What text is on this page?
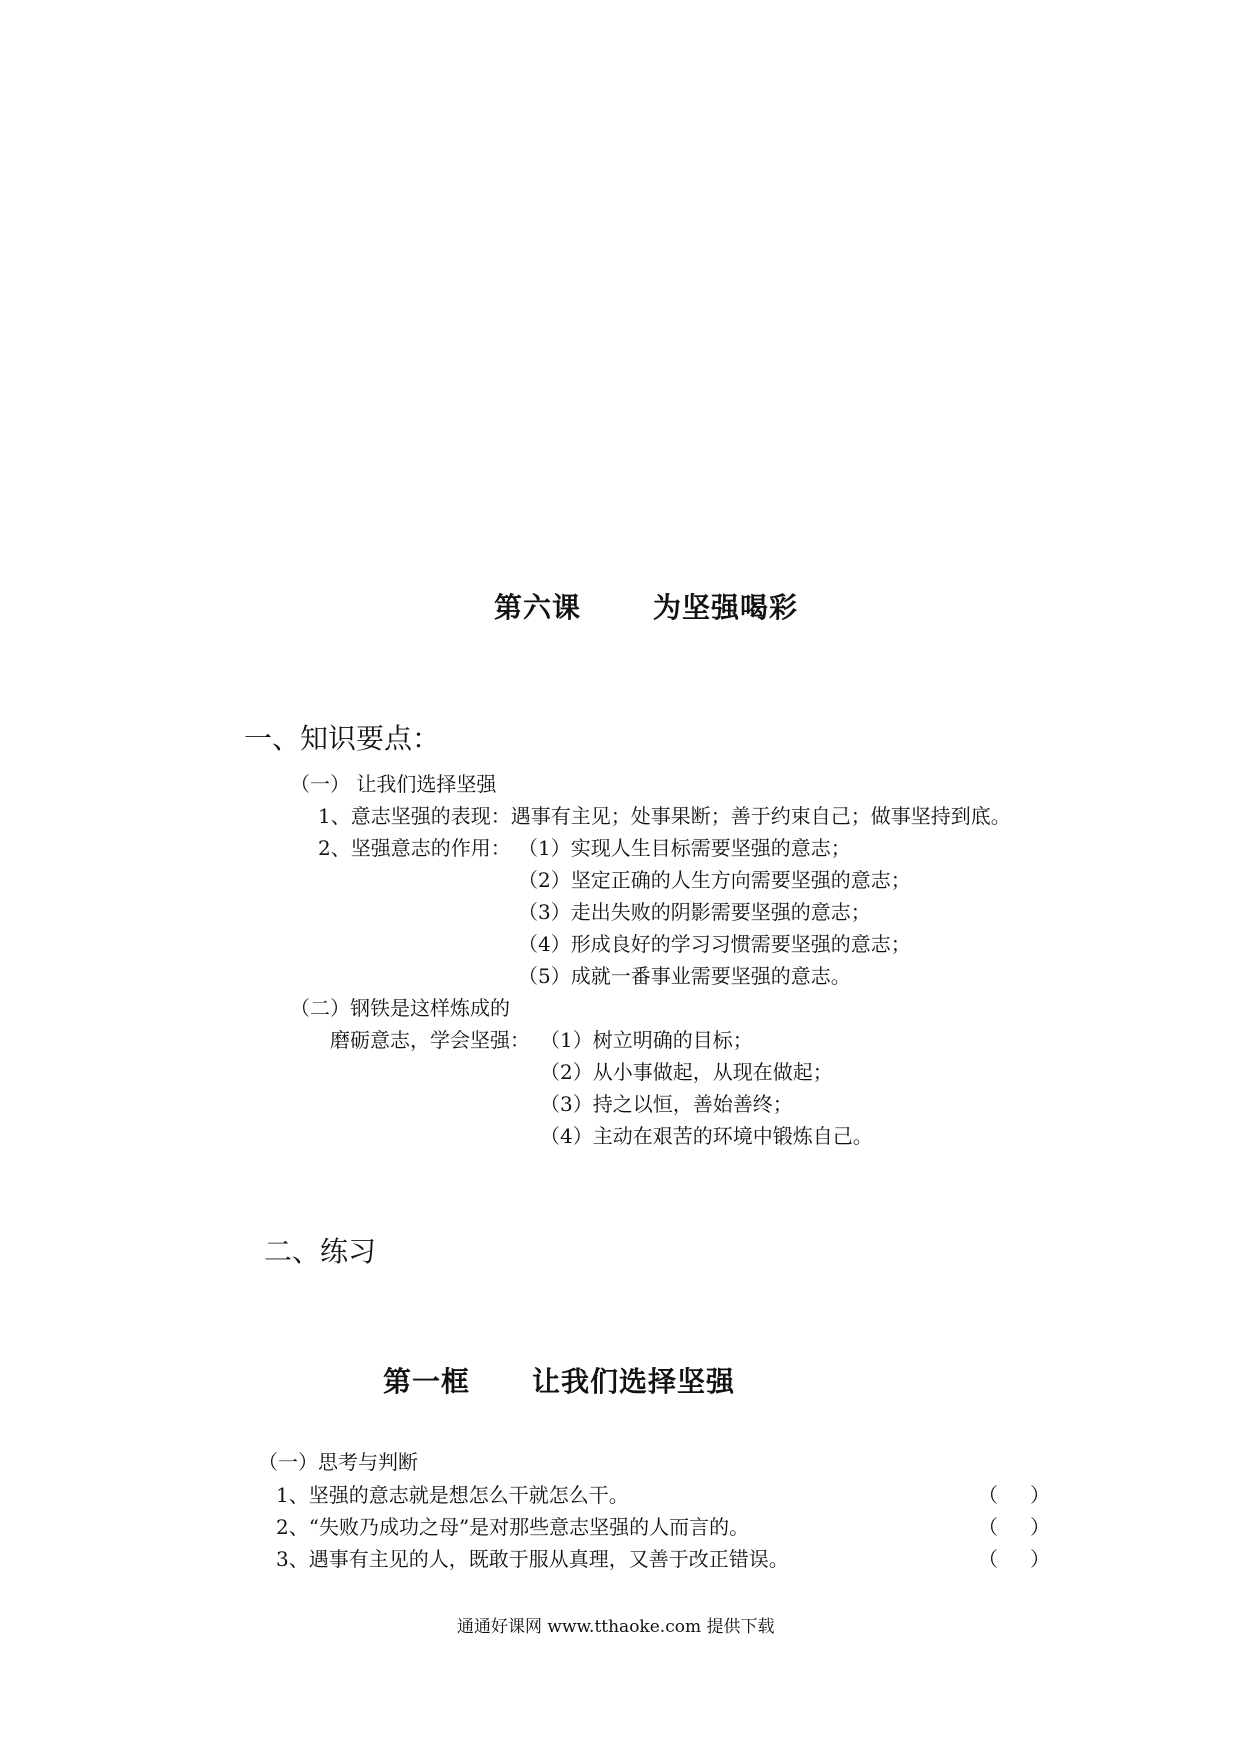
第六课	为坚强喝彩
一、知识要点：
（一） 让我们选择坚强
1、意志坚强的表现：遇事有主见；处事果断；善于约束自己；做事坚持到底。
2、坚强意志的作用： （1）实现人生目标需要坚强的意志；
（2）坚定正确的人生方向需要坚强的意志；
（3）走出失败的阴影需要坚强的意志；
（4）形成良好的学习习惯需要坚强的意志；
（5）成就一番事业需要坚强的意志。
（二）钢铁是这样炼成的
磨砺意志，学会坚强： （1）树立明确的目标；
（2）从小事做起，从现在做起；
（3）持之以恒，善始善终；
（4）主动在艰苦的环境中锻炼自己。
二、练习
第一框 让我们选择坚强
（一）思考与判断
1、坚强的意志就是想怎么干就怎么干。	（ ）
2、“失败乃成功之母”是对那些意志坚强的人而言的。	（ ）
3、遇事有主见的人，既敢于服从真理，又善于改正错误。	（ ）
通通好课网 www.tthaoke.com 提供下载
